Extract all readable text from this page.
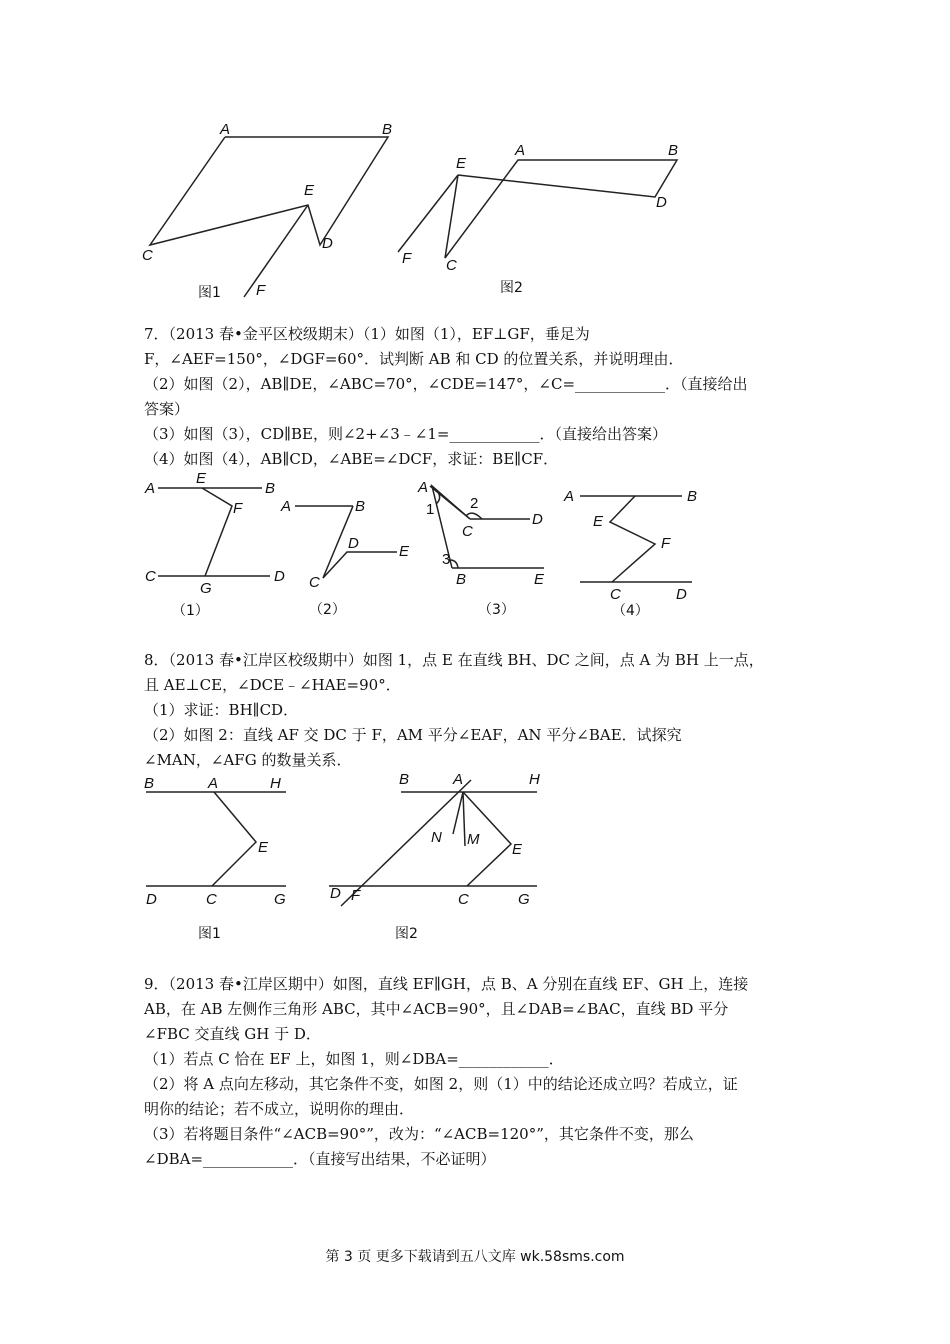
A	B
C
D
E
F
图1
E
A	B
D
F C
图2
7．（2013 春•金平区校级期末）（1）如图（1），EF⊥GF，垂足为
F，∠AEF=150°，∠DGF=60°．试判断 AB 和 CD 的位置关系，并说明理由．
（2）如图（2），AB∥DE，∠ABC=70°，∠CDE=147°，∠C=____________．（直接给出
答案）
（3）如图（3），CD∥BE，则∠2+∠3﹣∠1=____________．（直接给出答案）
（4）如图（4），AB∥CD，∠ABE=∠DCF，求证：BE∥CF．
A
E
B
F
C
G
D
（1）
A	B
D	E
C
（2）
A
1 2
C
D
3
B	E
（3）
A	B
E
F
C	D
（4）
8．（2013 春•江岸区校级期中）如图 1，点 E 在直线 BH、DC 之间，点 A 为 BH 上一点，
且 AE⊥CE，∠DCE﹣∠HAE=90°．
（1）求证：BH∥CD．
（2）如图 2：直线 AF 交 DC 于 F，AM 平分∠EAF，AN 平分∠BAE．试探究
∠MAN，∠AFG 的数量关系．
B	A	H
E
D	C	G
图1
B	A	H
N M
E
D F	C	G
图2
9．（2013 春•江岸区期中）如图，直线 EF∥GH，点 B、A 分别在直线 EF、GH 上，连接
AB，在 AB 左侧作三角形 ABC，其中∠ACB=90°，且∠DAB=∠BAC，直线 BD 平分
∠FBC 交直线 GH 于 D．
（1）若点 C 恰在 EF 上，如图 1，则∠DBA=____________．
（2）将 A 点向左移动，其它条件不变，如图 2，则（1）中的结论还成立吗？若成立，证
明你的结论；若不成立，说明你的理由．
（3）若将题目条件“∠ACB=90°”，改为：“∠ACB=120°”，其它条件不变，那么
∠DBA=____________．（直接写出结果，不必证明）
第 3 页 更多下载请到五八文库 wk.58sms.com
